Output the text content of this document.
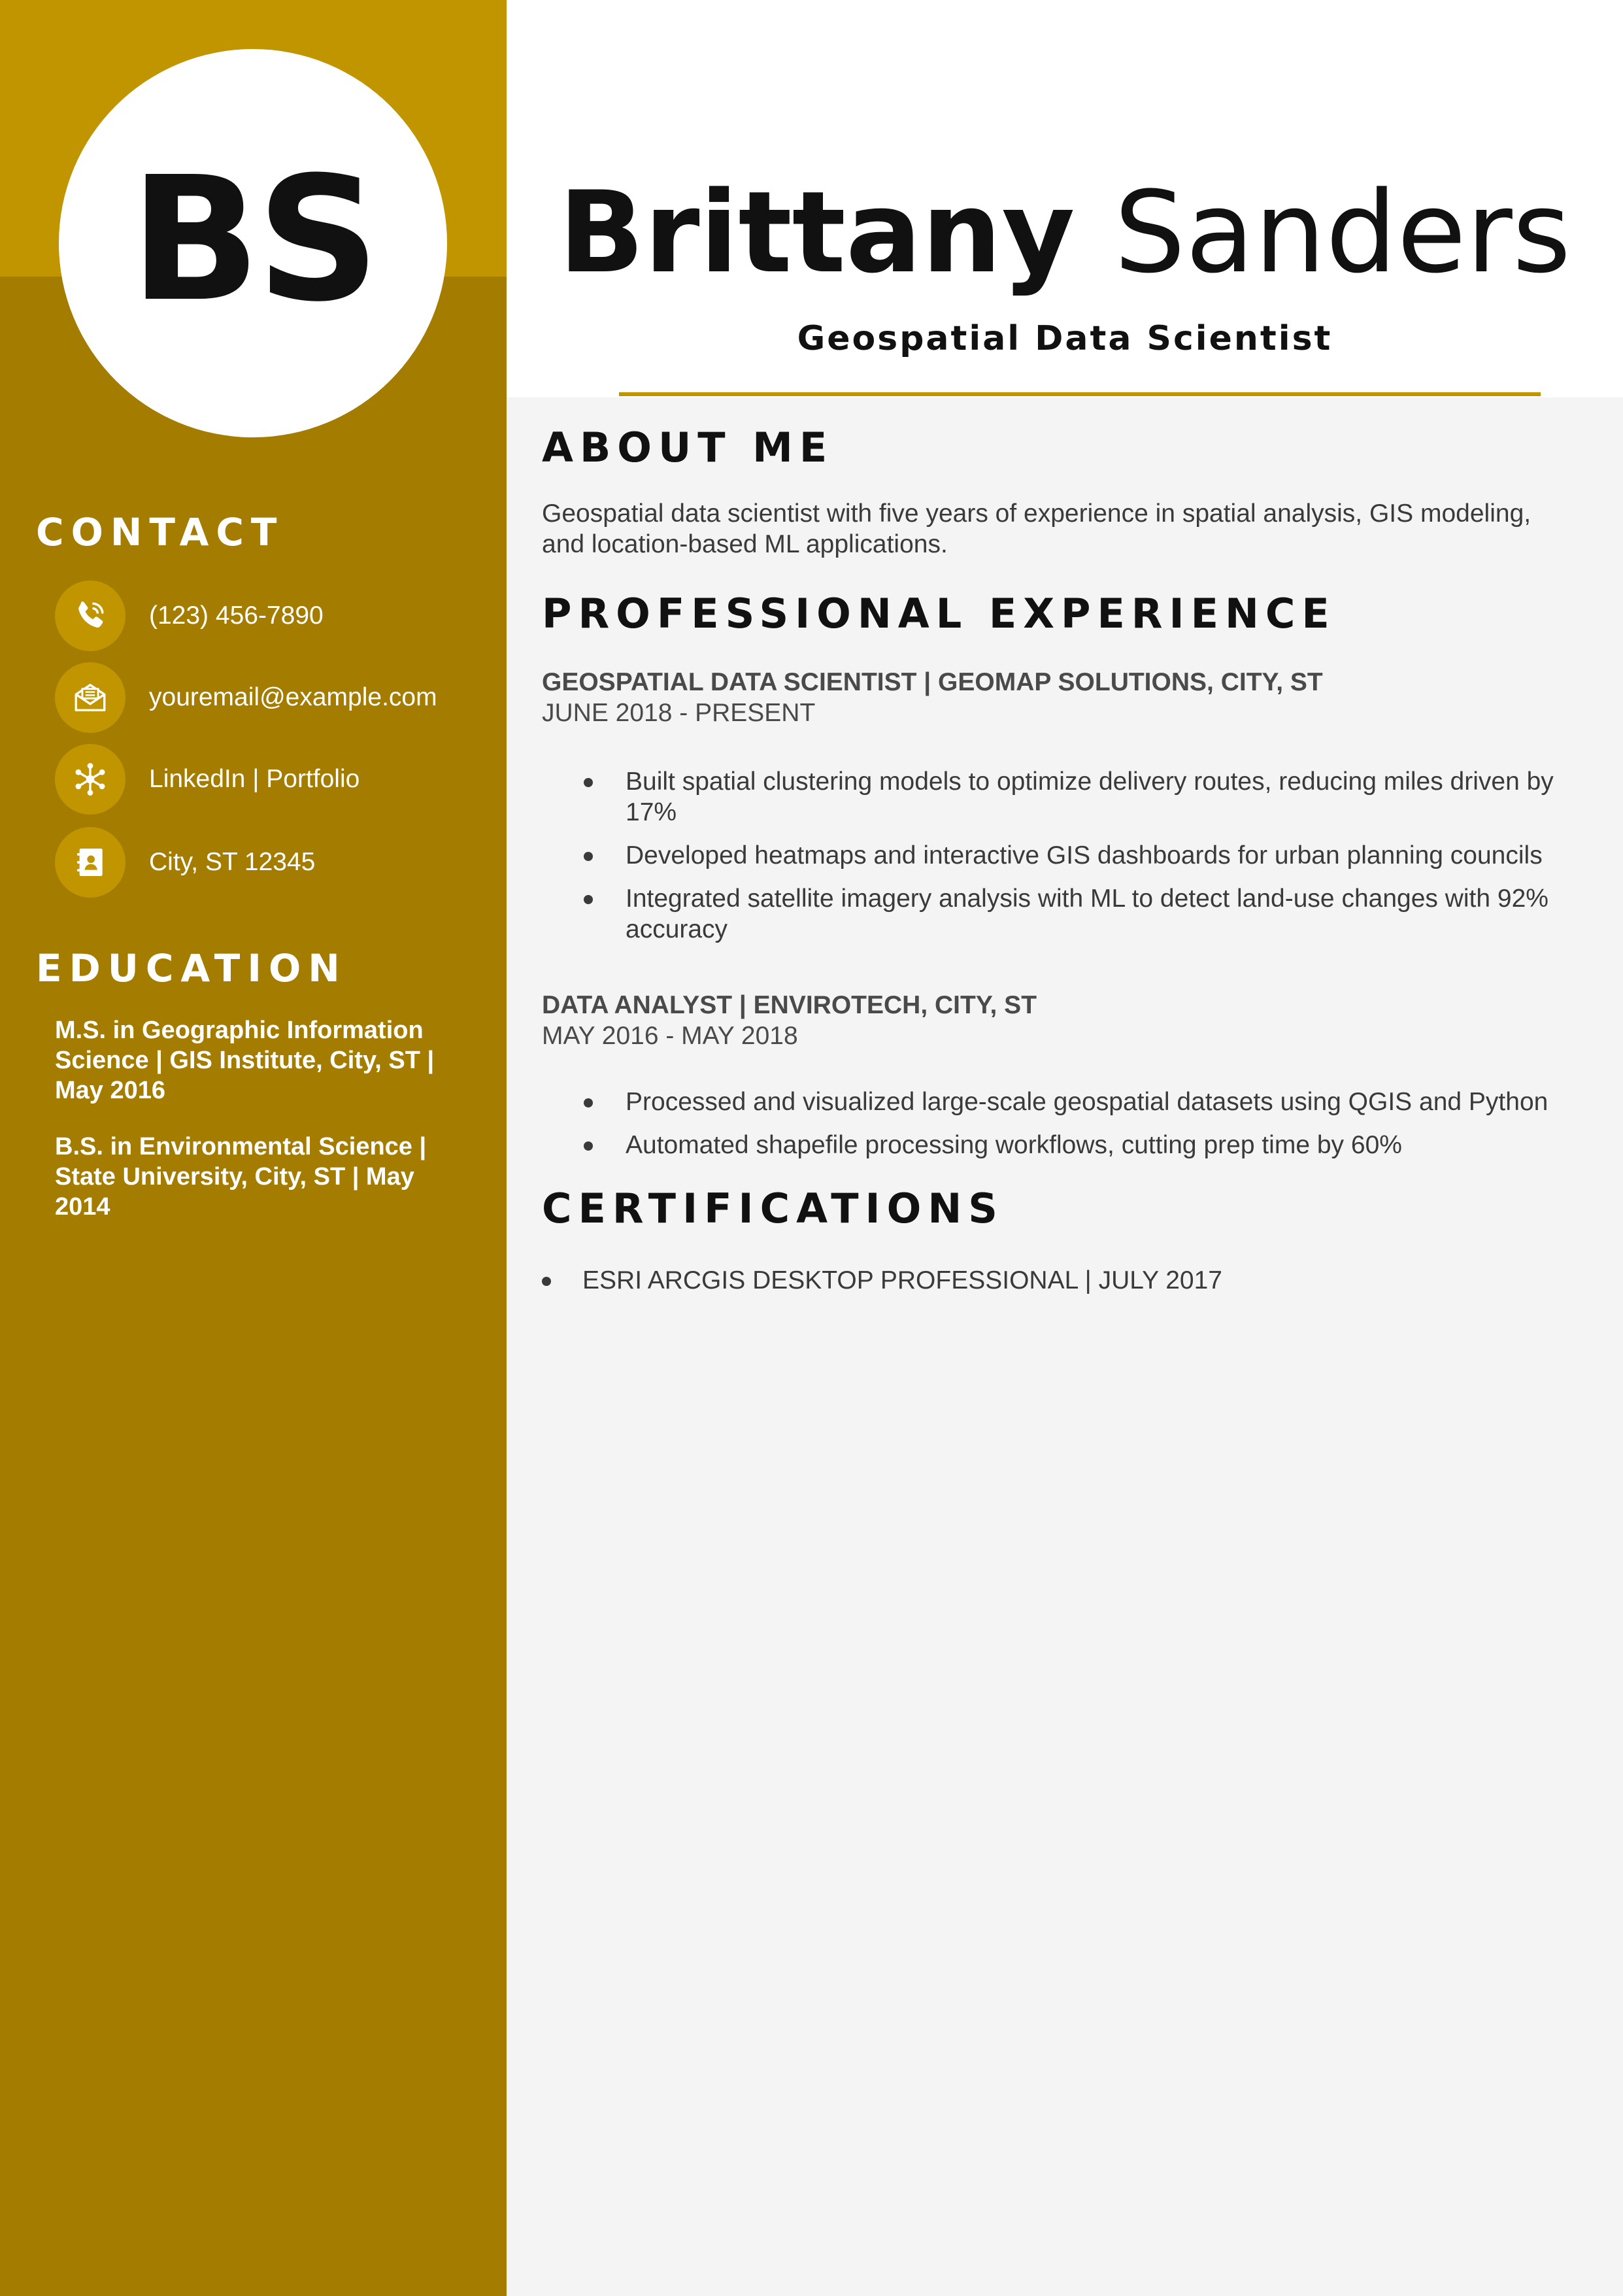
BS
CONTACT
(123) 456-7890
youremail@example.com
LinkedIn | Portfolio
City, ST 12345
EDUCATION
M.S. in Geographic Information Science | GIS Institute, City, ST | May 2016
B.S. in Environmental Science | State University, City, ST | May 2014
Brittany Sanders

Geospatial Data Scientist

ABOUT ME

Geospatial data scientist with five years of experience in spatial analysis, GIS modeling, and location-based ML applications.

PROFESSIONAL EXPERIENCE
GEOSPATIAL DATA SCIENTIST | GEOMAP SOLUTIONS, CITY, ST
JUNE 2018 - PRESENT
Built spatial clustering models to optimize delivery routes, reducing miles driven by 17%
Developed heatmaps and interactive GIS dashboards for urban planning councils
Integrated satellite imagery analysis with ML to detect land-use changes with 92% accuracy
DATA ANALYST | ENVIROTECH, CITY, ST
MAY 2016 - MAY 2018
Processed and visualized large-scale geospatial datasets using QGIS and Python
Automated shapefile processing workflows, cutting prep time by 60%
CERTIFICATIONS
ESRI ARCGIS DESKTOP PROFESSIONAL | JULY 2017
